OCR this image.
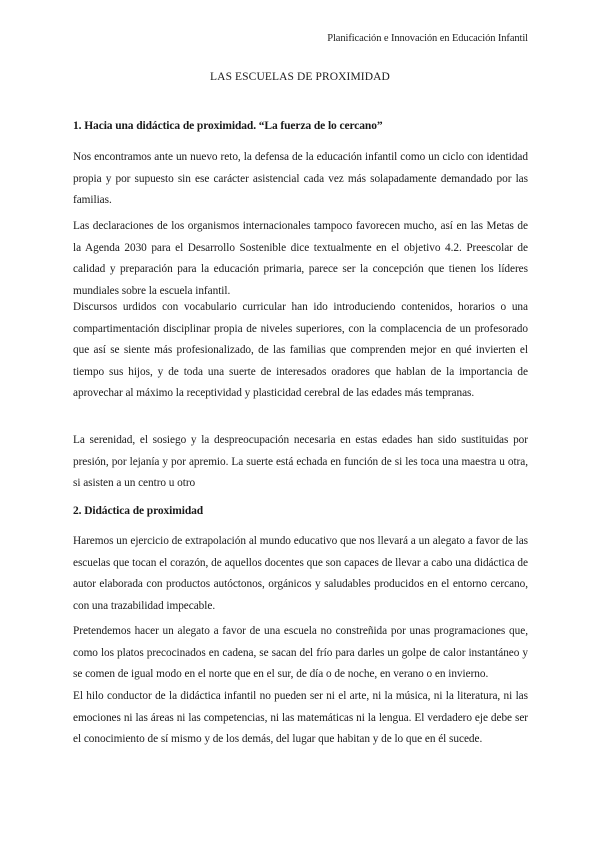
Planificación e Innovación en Educación Infantil
LAS ESCUELAS DE PROXIMIDAD
1. Hacia una didáctica de proximidad. “La fuerza de lo cercano”

Nos encontramos ante un nuevo reto, la defensa de la educación infantil como un ciclo con identidad propia y por supuesto sin ese carácter asistencial cada vez más solapadamente demandado por las familias.

Las declaraciones de los organismos internacionales tampoco favorecen mucho, así en las Metas de la Agenda 2030 para el Desarrollo Sostenible dice textualmente en el objetivo 4.2. Preescolar de calidad y preparación para la educación primaria, parece ser la concepción que tienen los líderes mundiales sobre la escuela infantil.

Discursos urdidos con vocabulario curricular han ido introduciendo contenidos, horarios o una compartimentación disciplinar propia de niveles superiores, con la complacencia de un profesorado que así se siente más profesionalizado, de las familias que comprenden mejor en qué invierten el tiempo sus hijos, y de toda una suerte de interesados oradores que hablan de la importancia de aprovechar al máximo la receptividad y plasticidad cerebral de las edades más tempranas.

La serenidad, el sosiego y la despreocupación necesaria en estas edades han sido sustituidas por presión, por lejanía y por apremio. La suerte está echada en función de si les toca una maestra u otra, si asisten a un centro u otro

2. Didáctica de proximidad

Haremos un ejercicio de extrapolación al mundo educativo que nos llevará a un alegato a favor de las escuelas que tocan el corazón, de aquellos docentes que son capaces de llevar a cabo una didáctica de autor elaborada con productos autóctonos, orgánicos y saludables producidos en el entorno cercano, con una trazabilidad impecable.

Pretendemos hacer un alegato a favor de una escuela no constreñida por unas programaciones que, como los platos precocinados en cadena, se sacan del frío para darles un golpe de calor instantáneo y se comen de igual modo en el norte que en el sur, de día o de noche, en verano o en invierno.

El hilo conductor de la didáctica infantil no pueden ser ni el arte, ni la música, ni la literatura, ni las emociones ni las áreas ni las competencias, ni las matemáticas ni la lengua. El verdadero eje debe ser el conocimiento de sí mismo y de los demás, del lugar que habitan y de lo que en él sucede.
